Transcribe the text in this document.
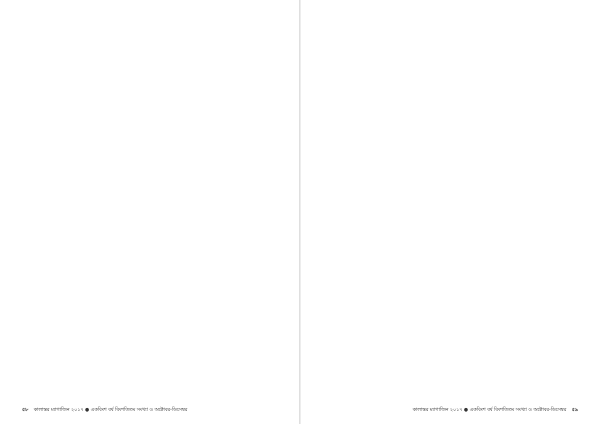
৫৮ কালান্তর ম্যাগাজিন ২০১৭ ● একবিংশ বর্ষ বিংশতিতম সংখ্যা ও অক্টোবর-ডিসেম্বর	কালান্তর ম্যাগাজিন ২০১৭ ● একবিংশ বর্ষ বিংশতিতম সংখ্যা ও অক্টোবর-ডিসেম্বর ৫৯
